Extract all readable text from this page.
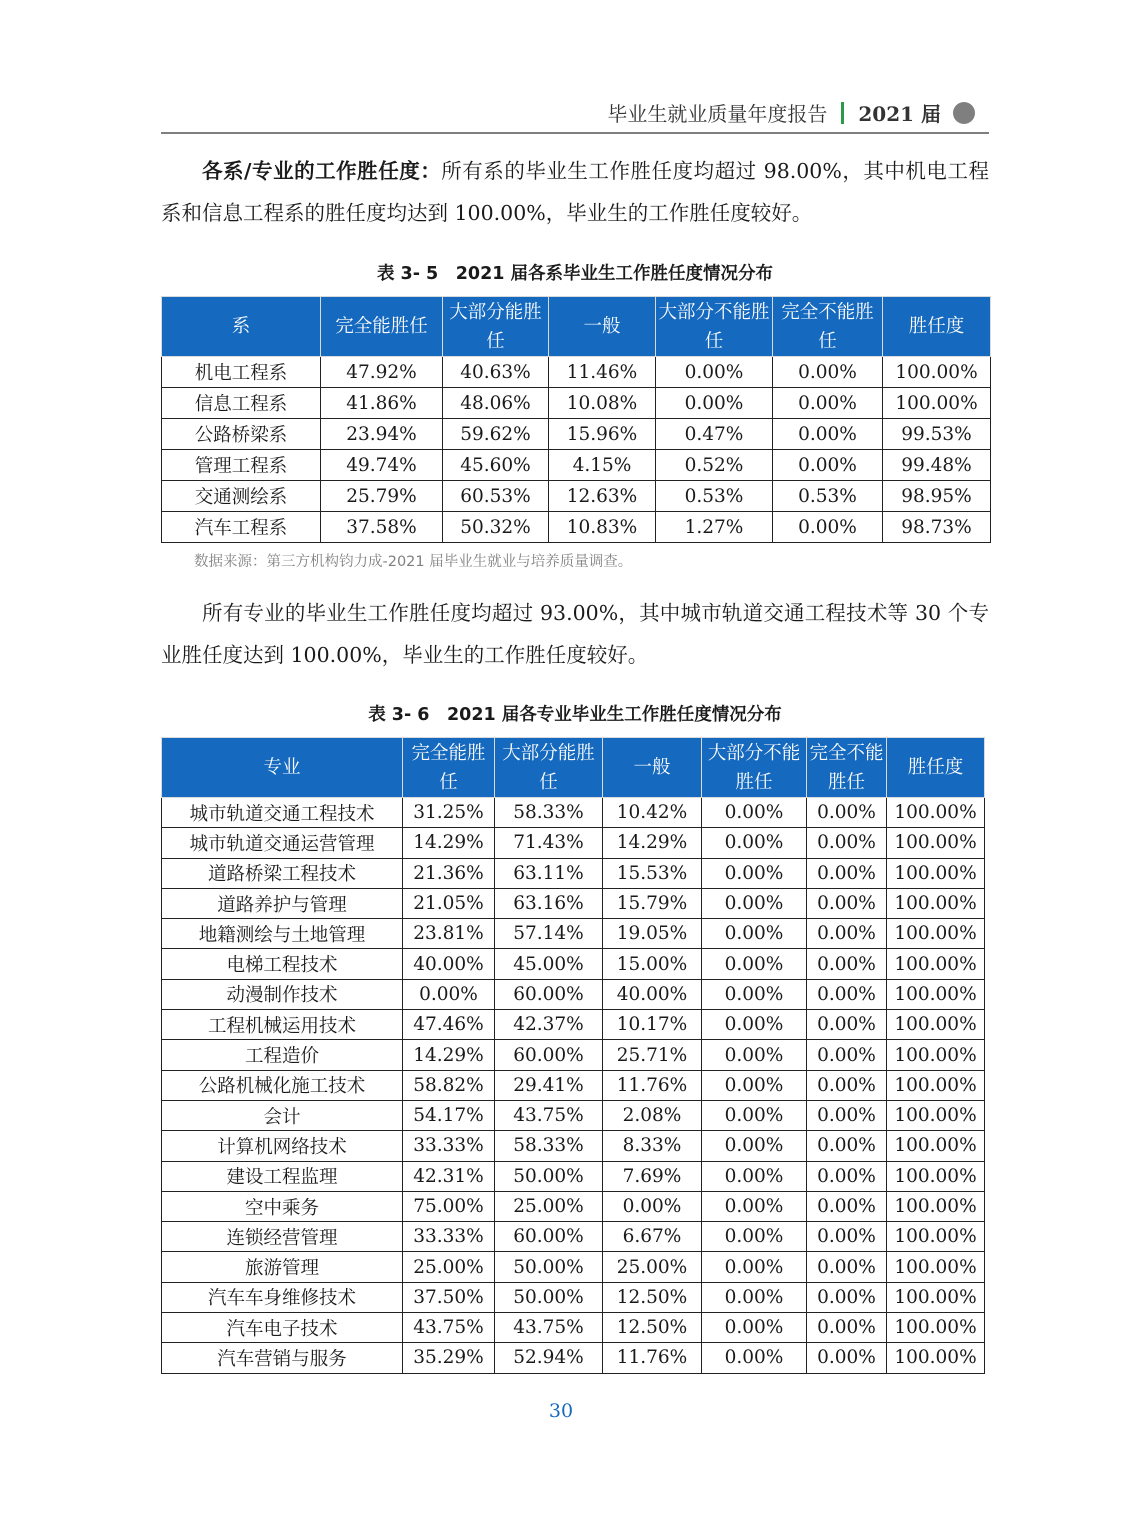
毕业生就业质量年度报告 2021 届

各系/专业的工作胜任度：所有系的毕业生工作胜任度均超过 98.00%，其中机电工程系和信息工程系的胜任度均达到 100.00%，毕业生的工作胜任度较好。

表 3- 5　2021 届各系毕业生工作胜任度情况分布
系	完全能胜任	大部分能胜任	一般	大部分不能胜任	完全不能胜任	胜任度
机电工程系	47.92%	40.63%	11.46%	0.00%	0.00%	100.00%
信息工程系	41.86%	48.06%	10.08%	0.00%	0.00%	100.00%
公路桥梁系	23.94%	59.62%	15.96%	0.47%	0.00%	99.53%
管理工程系	49.74%	45.60%	4.15%	0.52%	0.00%	99.48%
交通测绘系	25.79%	60.53%	12.63%	0.53%	0.53%	98.95%
汽车工程系	37.58%	50.32%	10.83%	1.27%	0.00%	98.73%
数据来源：第三方机构钧力成-2021 届毕业生就业与培养质量调查。

所有专业的毕业生工作胜任度均超过 93.00%，其中城市轨道交通工程技术等 30 个专业胜任度达到 100.00%，毕业生的工作胜任度较好。

表 3- 6　2021 届各专业毕业生工作胜任度情况分布
专业	完全能胜任	大部分能胜任	一般	大部分不能胜任	完全不能胜任	胜任度
城市轨道交通工程技术	31.25%	58.33%	10.42%	0.00%	0.00%	100.00%
城市轨道交通运营管理	14.29%	71.43%	14.29%	0.00%	0.00%	100.00%
道路桥梁工程技术	21.36%	63.11%	15.53%	0.00%	0.00%	100.00%
道路养护与管理	21.05%	63.16%	15.79%	0.00%	0.00%	100.00%
地籍测绘与土地管理	23.81%	57.14%	19.05%	0.00%	0.00%	100.00%
电梯工程技术	40.00%	45.00%	15.00%	0.00%	0.00%	100.00%
动漫制作技术	0.00%	60.00%	40.00%	0.00%	0.00%	100.00%
工程机械运用技术	47.46%	42.37%	10.17%	0.00%	0.00%	100.00%
工程造价	14.29%	60.00%	25.71%	0.00%	0.00%	100.00%
公路机械化施工技术	58.82%	29.41%	11.76%	0.00%	0.00%	100.00%
会计	54.17%	43.75%	2.08%	0.00%	0.00%	100.00%
计算机网络技术	33.33%	58.33%	8.33%	0.00%	0.00%	100.00%
建设工程监理	42.31%	50.00%	7.69%	0.00%	0.00%	100.00%
空中乘务	75.00%	25.00%	0.00%	0.00%	0.00%	100.00%
连锁经营管理	33.33%	60.00%	6.67%	0.00%	0.00%	100.00%
旅游管理	25.00%	50.00%	25.00%	0.00%	0.00%	100.00%
汽车车身维修技术	37.50%	50.00%	12.50%	0.00%	0.00%	100.00%
汽车电子技术	43.75%	43.75%	12.50%	0.00%	0.00%	100.00%
汽车营销与服务	35.29%	52.94%	11.76%	0.00%	0.00%	100.00%
30
